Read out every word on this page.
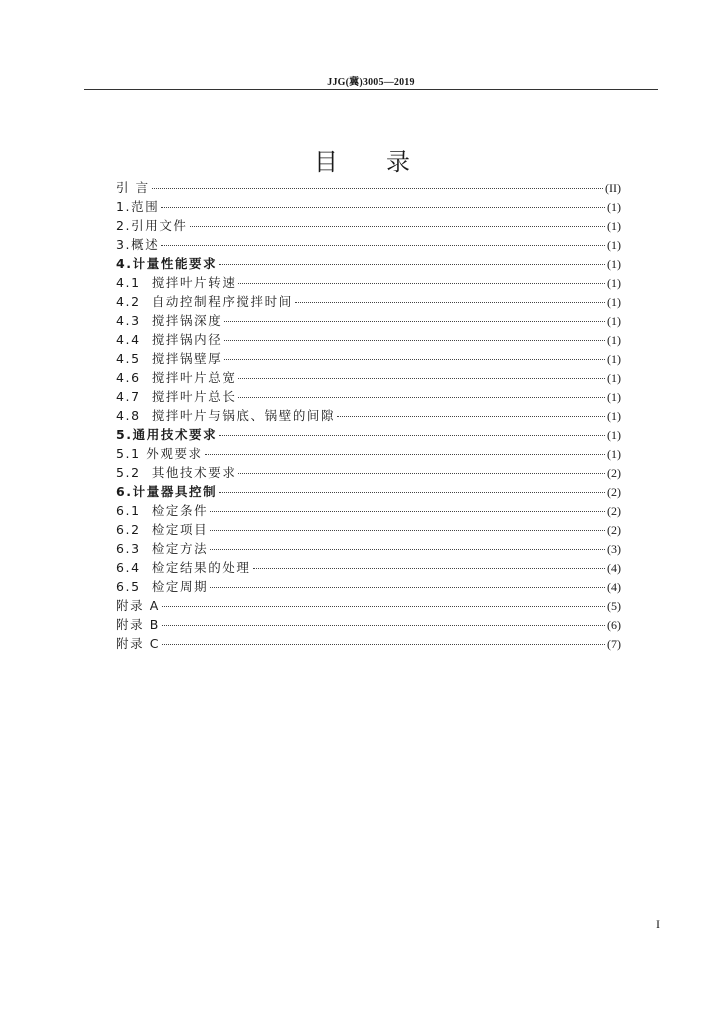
JJG(冀)3005—2019
目录
引 言	(II)
1.范围	(1)
2.引用文件	(1)
3.概述	(1)
4.计量性能要求	(1)
4.1  搅拌叶片转速	(1)
4.2  自动控制程序搅拌时间	(1)
4.3  搅拌锅深度	(1)
4.4  搅拌锅内径	(1)
4.5  搅拌锅壁厚	(1)
4.6  搅拌叶片总宽	(1)
4.7  搅拌叶片总长	(1)
4.8  搅拌叶片与锅底、锅壁的间隙	(1)
5.通用技术要求	(1)
5.1 外观要求	(1)
5.2  其他技术要求	(2)
6.计量器具控制	(2)
6.1  检定条件	(2)
6.2  检定项目	(2)
6.3  检定方法	(3)
6.4  检定结果的处理	(4)
6.5  检定周期	(4)
附录 A	(5)
附录 B	(6)
附录 C	(7)
I
